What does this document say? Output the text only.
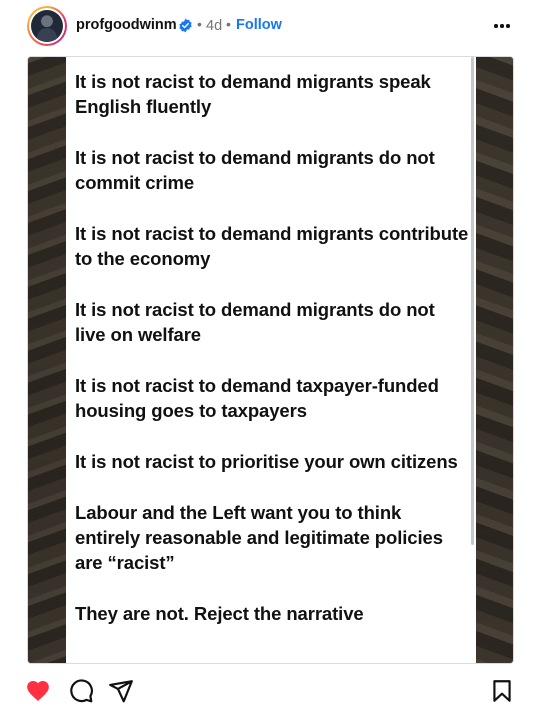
profgoodwinm • 4d • Follow

It is not racist to demand migrants speak English fluently

It is not racist to demand migrants do not commit crime

It is not racist to demand migrants contribute to the economy

It is not racist to demand migrants do not live on welfare

It is not racist to demand taxpayer-funded housing goes to taxpayers

It is not racist to prioritise your own citizens

Labour and the Left want you to think entirely reasonable and legitimate policies are “racist”

They are not. Reject the narrative
